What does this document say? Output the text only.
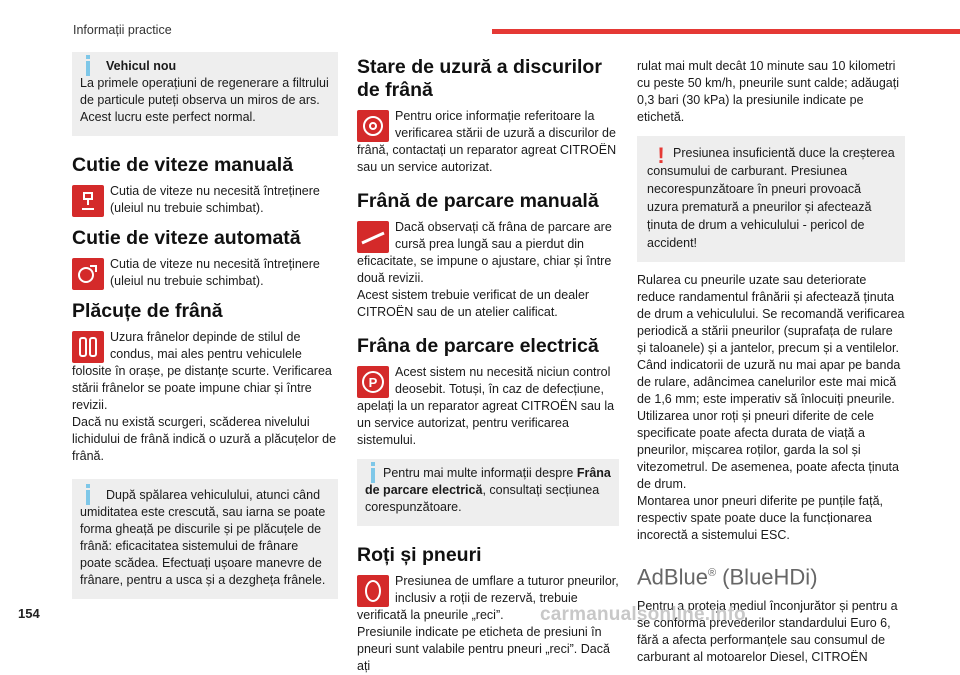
Informații practice
Vehicul nou
La primele operațiuni de regenerare a filtrului de particule puteți observa un miros de ars. Acest lucru este perfect normal.
Cutie de viteze manuală
Cutia de viteze nu necesită întreținere (uleiul nu trebuie schimbat).
Cutie de viteze automată
Cutia de viteze nu necesită întreținere (uleiul nu trebuie schimbat).
Plăcuțe de frână
Uzura frânelor depinde de stilul de condus, mai ales pentru vehiculele folosite în orașe, pe distanțe scurte. Verificarea stării frânelor se poate impune chiar și între revizii.

Dacă nu există scurgeri, scăderea nivelului lichidului de frână indică o uzură a plăcuțelor de frână.

După spălarea vehiculului, atunci când umiditatea este crescută, sau iarna se poate forma gheață pe discurile și pe plăcuțele de frână: eficacitatea sistemului de frânare poate scădea. Efectuați ușoare manevre de frânare, pentru a usca și a dezgheța frânele.
Stare de uzură a discurilor de frână
Pentru orice informație referitoare la verificarea stării de uzură a discurilor de frână, contactați un reparator agreat CITROËN sau un service autorizat.
Frână de parcare manuală
Dacă observați că frâna de parcare are cursă prea lungă sau a pierdut din eficacitate, se impune o ajustare, chiar și între două revizii.

Acest sistem trebuie verificat de un dealer CITROËN sau de un atelier calificat.

Frâna de parcare electrică
P
Acest sistem nu necesită niciun control deosebit. Totuși, în caz de defecțiune, apelați la un reparator agreat CITROËN sau la un service autorizat, pentru verificarea sistemului.
Pentru mai multe informații despre Frâna de parcare electrică, consultați secțiunea corespunzătoare.
Roți și pneuri
Presiunea de umflare a tuturor pneurilor, inclusiv a roții de rezervă, trebuie verificată la pneurile „reci”.

Presiunile indicate pe eticheta de presiuni în pneuri sunt valabile pentru pneuri „reci”. Dacă ați

rulat mai mult decât 10 minute sau 10 kilometri cu peste 50 km/h, pneurile sunt calde; adăugați 0,3 bari (30 kPa) la presiunile indicate pe etichetă.

! Presiunea insuficientă duce la creșterea consumului de carburant. Presiunea necorespunzătoare în pneuri provoacă uzura prematură a pneurilor și afectează ținuta de drum a vehiculului - pericol de accident!

Rularea cu pneurile uzate sau deteriorate reduce randamentul frânării și afectează ținuta de drum a vehiculului. Se recomandă verificarea periodică a stării pneurilor (suprafața de rulare și taloanele) și a jantelor, precum și a ventilelor. Când indicatorii de uzură nu mai apar pe banda de rulare, adâncimea canelurilor este mai mică de 1,6 mm; este imperativ să înlocuiți pneurile. Utilizarea unor roți și pneuri diferite de cele specificate poate afecta durata de viață a pneurilor, mișcarea roților, garda la sol și vitezometrul. De asemenea, poate afecta ținuta de drum.

Montarea unor pneuri diferite pe punțile față, respectiv spate poate duce la funcționarea incorectă a sistemului ESC.

AdBlue® (BlueHDi)

Pentru a proteja mediul înconjurător și pentru a se conforma prevederilor standardului Euro 6, fără a afecta performanțele sau consumul de carburant al motoarelor Diesel, CITROËN

154	carmanualsonline.info
